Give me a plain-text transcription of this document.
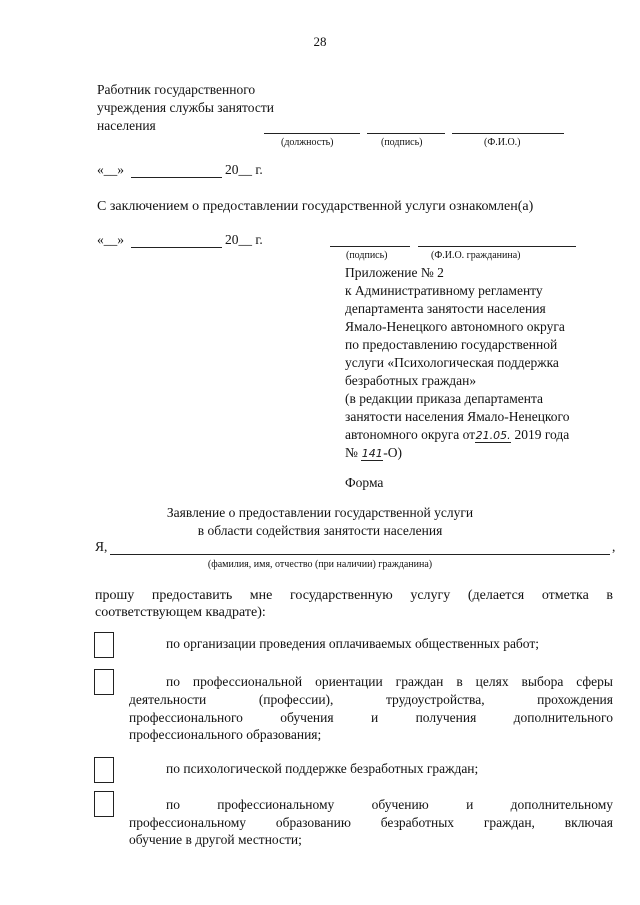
28
Работник государственного
учреждения службы занятости
населения
(должность)	(подпись)	(Ф.И.О.)
«__»	20__ г.
С заключением о предоставлении государственной услуги ознакомлен(а)
«__»	20__ г.
(подпись)	(Ф.И.О. гражданина)
Приложение № 2
к Административному регламенту
департамента занятости населения
Ямало-Ненецкого автономного округа
по предоставлению государственной
услуги «Психологическая поддержка
безработных граждан»
(в редакции приказа департамента
занятости населения Ямало-Ненецкого
автономного округа от21.05. 2019 года
№ 141-О)
Форма
Заявление о предоставлении государственной услуги
в области содействия занятости населения
Я,	,
(фамилия, имя, отчество (при наличии) гражданина)
прошу предоставить мне государственную услугу (делается отметка в
соответствующем квадрате):
по организации проведения оплачиваемых общественных работ;
по профессиональной ориентации граждан в целях выбора сферы
деятельности (профессии), трудоустройства, прохождения
профессионального обучения и получения дополнительного
профессионального образования;
по психологической поддержке безработных граждан;
по профессиональному обучению и дополнительному
профессиональному образованию безработных граждан, включая
обучение в другой местности;
